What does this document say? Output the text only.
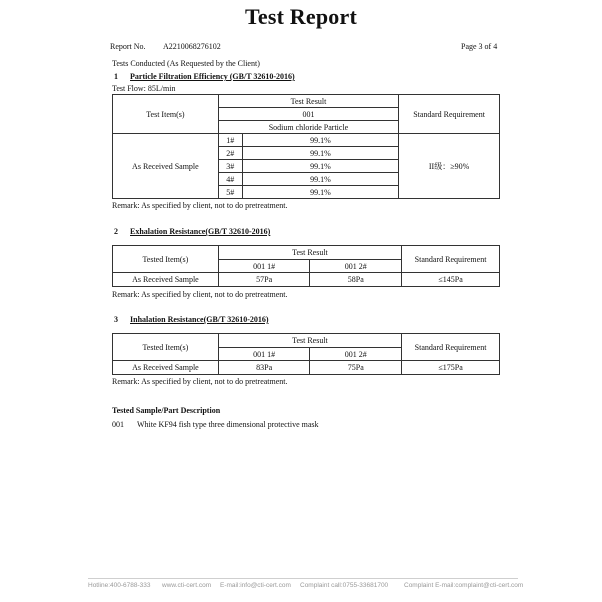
Test Report
Report No. A2210068276102	Page 3 of 4
Tests Conducted (As Requested by the Client)
1 Particle Filtration Efficiency (GB/T 32610-2016)
Test Flow: 85L/min
Test Item(s)	Test Result		Standard Requirement
	001		
	Sodium chloride Particle		
As Received Sample	1#	99.1%	II级：≥90%
	2#	99.1%	
	3#	99.1%	
	4#	99.1%	
	5#	99.1%	
Remark: As specified by client, not to do pretreatment.
2 Exhalation Resistance(GB/T 32610-2016)
Tested Item(s)	Test Result		Standard Requirement
	001 1#	001 2#	
As Received Sample	57Pa	58Pa	≤145Pa
Remark: As specified by client, not to do pretreatment.
3 Inhalation Resistance(GB/T 32610-2016)
Tested Item(s)	Test Result		Standard Requirement
	001 1#	001 2#	
As Received Sample	83Pa	75Pa	≤175Pa
Remark: As specified by client, not to do pretreatment.
Tested Sample/Part Description
001 White KF94 fish type three dimensional protective mask
Hotline:400-6788-333 www.cti-cert.com E-mail:info@cti-cert.com Complaint call:0755-33681700 Complaint E-mail:complaint@cti-cert.com
